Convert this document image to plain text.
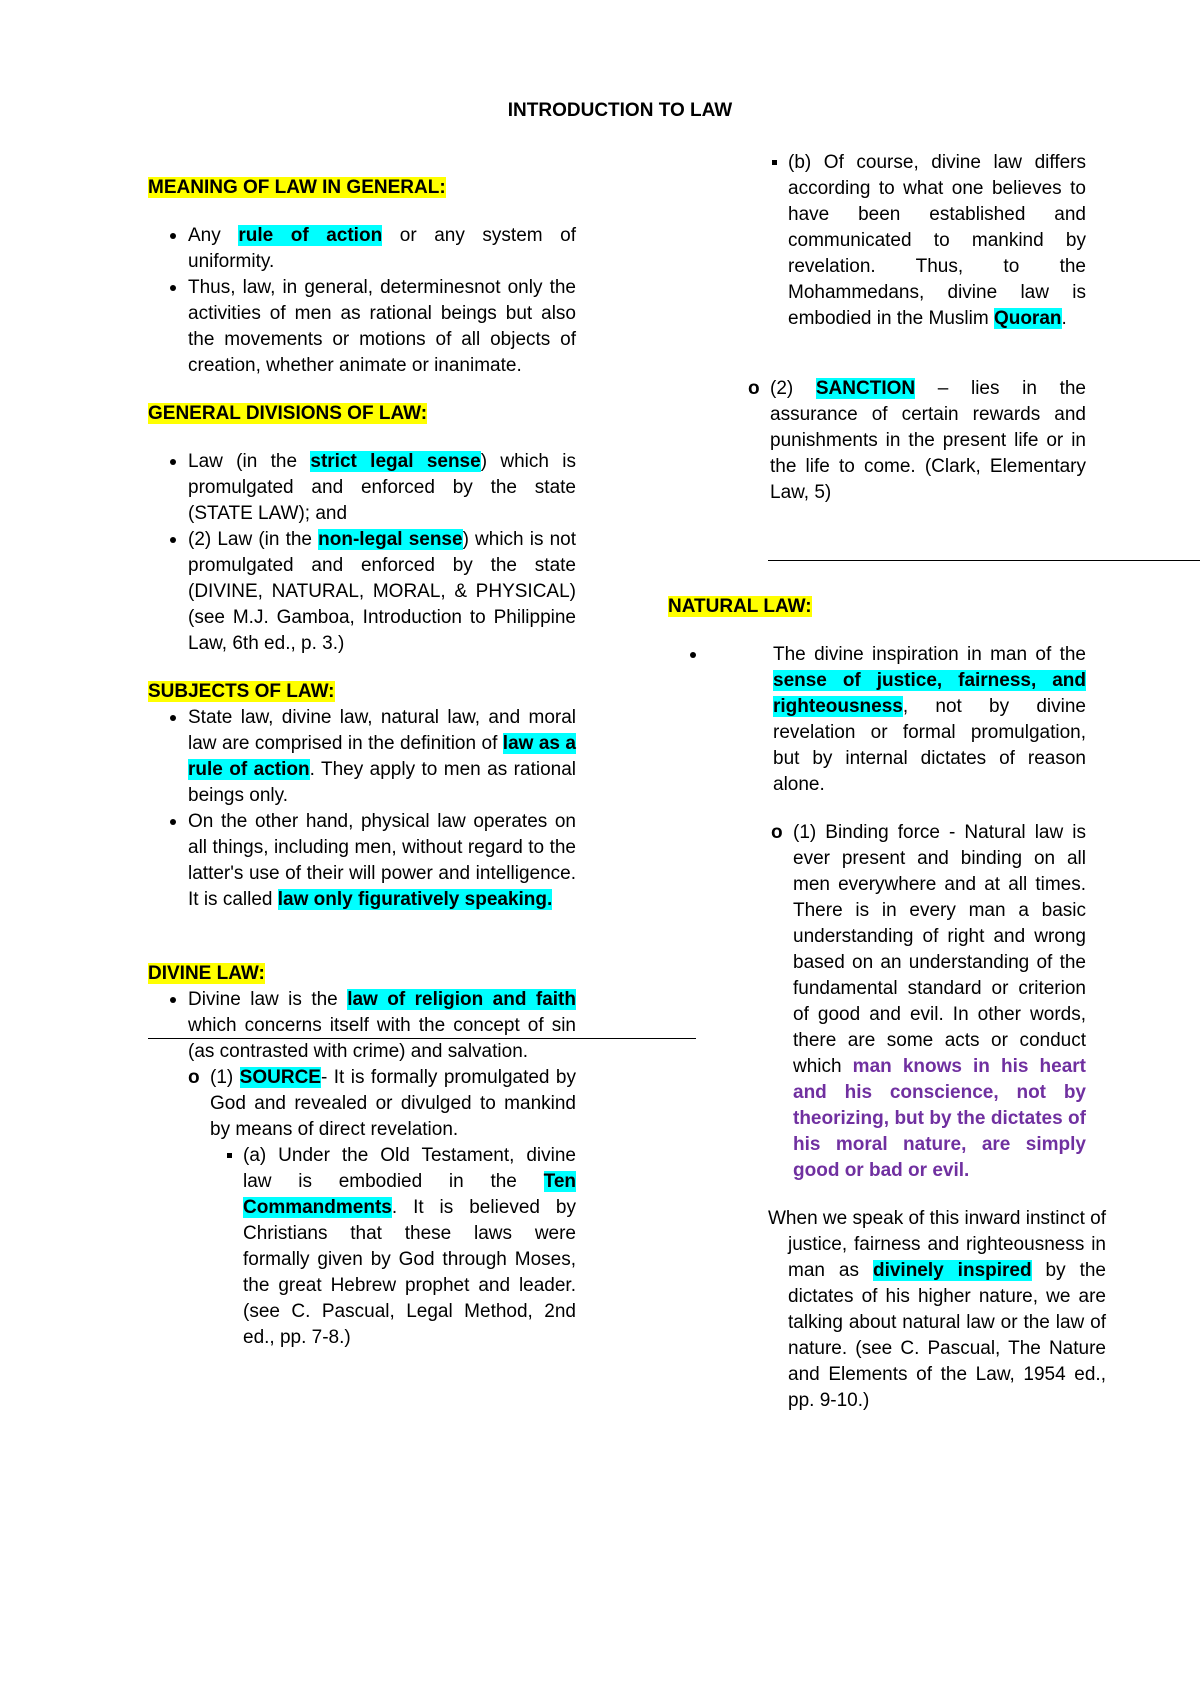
INTRODUCTION TO LAW

MEANING OF LAW IN GENERAL:

Any rule of action or any system of uniformity.
Thus, law, in general, determinesnot only the activities of men as rational beings but also the movements or motions of all objects of creation, whether animate or inanimate.

GENERAL DIVISIONS OF LAW:

Law (in the strict legal sense) which is promulgated and enforced by the state (STATE LAW); and
(2) Law (in the non-legal sense) which is not promulgated and enforced by the state (DIVINE, NATURAL, MORAL, & PHYSICAL) (see M.J. Gamboa, Introduction to Philippine Law, 6th ed., p. 3.)

SUBJECTS OF LAW:

State law, divine law, natural law, and moral law are comprised in the definition of law as a rule of action. They apply to men as rational beings only.
On the other hand, physical law operates on all things, including men, without regard to the latter's use of their will power and intelligence. It is called law only figuratively speaking.

DIVINE LAW:

Divine law is the law of religion and faith which concerns itself with the concept of sin (as contrasted with crime) and salvation.
o (1) SOURCE- It is formally promulgated by God and revealed or divulged to mankind by means of direct revelation.
(a) Under the Old Testament, divine law is embodied in the Ten Commandments. It is believed by Christians that these laws were formally given by God through Moses, the great Hebrew prophet and leader. (see C. Pascual, Legal Method, 2nd ed., pp. 7-8.)
(b) Of course, divine law differs according to what one believes to have been established and communicated to mankind by revelation. Thus, to the Mohammedans, divine law is embodied in the Muslim Quoran.
o (2) SANCTION – lies in the assurance of certain rewards and punishments in the present life or in the life to come. (Clark, Elementary Law, 5)

NATURAL LAW:

The divine inspiration in man of the sense of justice, fairness, and righteousness, not by divine revelation or formal promulgation, but by internal dictates of reason alone.
o (1) Binding force - Natural law is ever present and binding on all men everywhere and at all times. There is in every man a basic understanding of right and wrong based on an understanding of the fundamental standard or criterion of good and evil. In other words, there are some acts or conduct which man knows in his heart and his conscience, not by theorizing, but by the dictates of his moral nature, are simply good or bad or evil.
When we speak of this inward instinct of justice, fairness and righteousness in man as divinely inspired by the dictates of his higher nature, we are talking about natural law or the law of nature. (see C. Pascual, The Nature and Elements of the Law, 1954 ed., pp. 9-10.)
